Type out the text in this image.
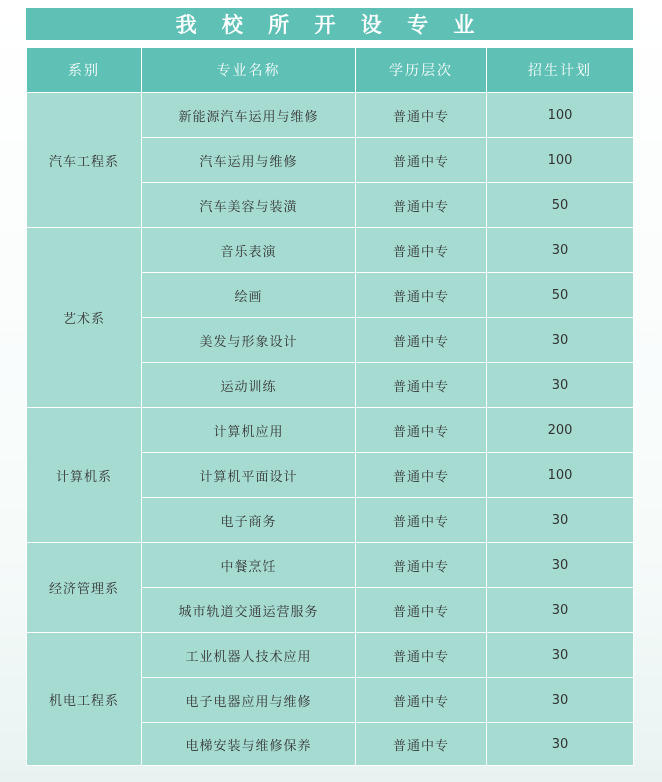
我 校 所 开 设 专 业
系别	专业名称	学历层次	招生计划
汽车工程系	新能源汽车运用与维修	普通中专	100
	汽车运用与维修	普通中专	100
	汽车美容与装潢	普通中专	50
艺术系	音乐表演	普通中专	30
	绘画	普通中专	50
	美发与形象设计	普通中专	30
	运动训练	普通中专	30
计算机系	计算机应用	普通中专	200
	计算机平面设计	普通中专	100
	电子商务	普通中专	30
经济管理系	中餐烹饪	普通中专	30
	城市轨道交通运营服务	普通中专	30
机电工程系	工业机器人技术应用	普通中专	30
	电子电器应用与维修	普通中专	30
	电梯安装与维修保养	普通中专	30
